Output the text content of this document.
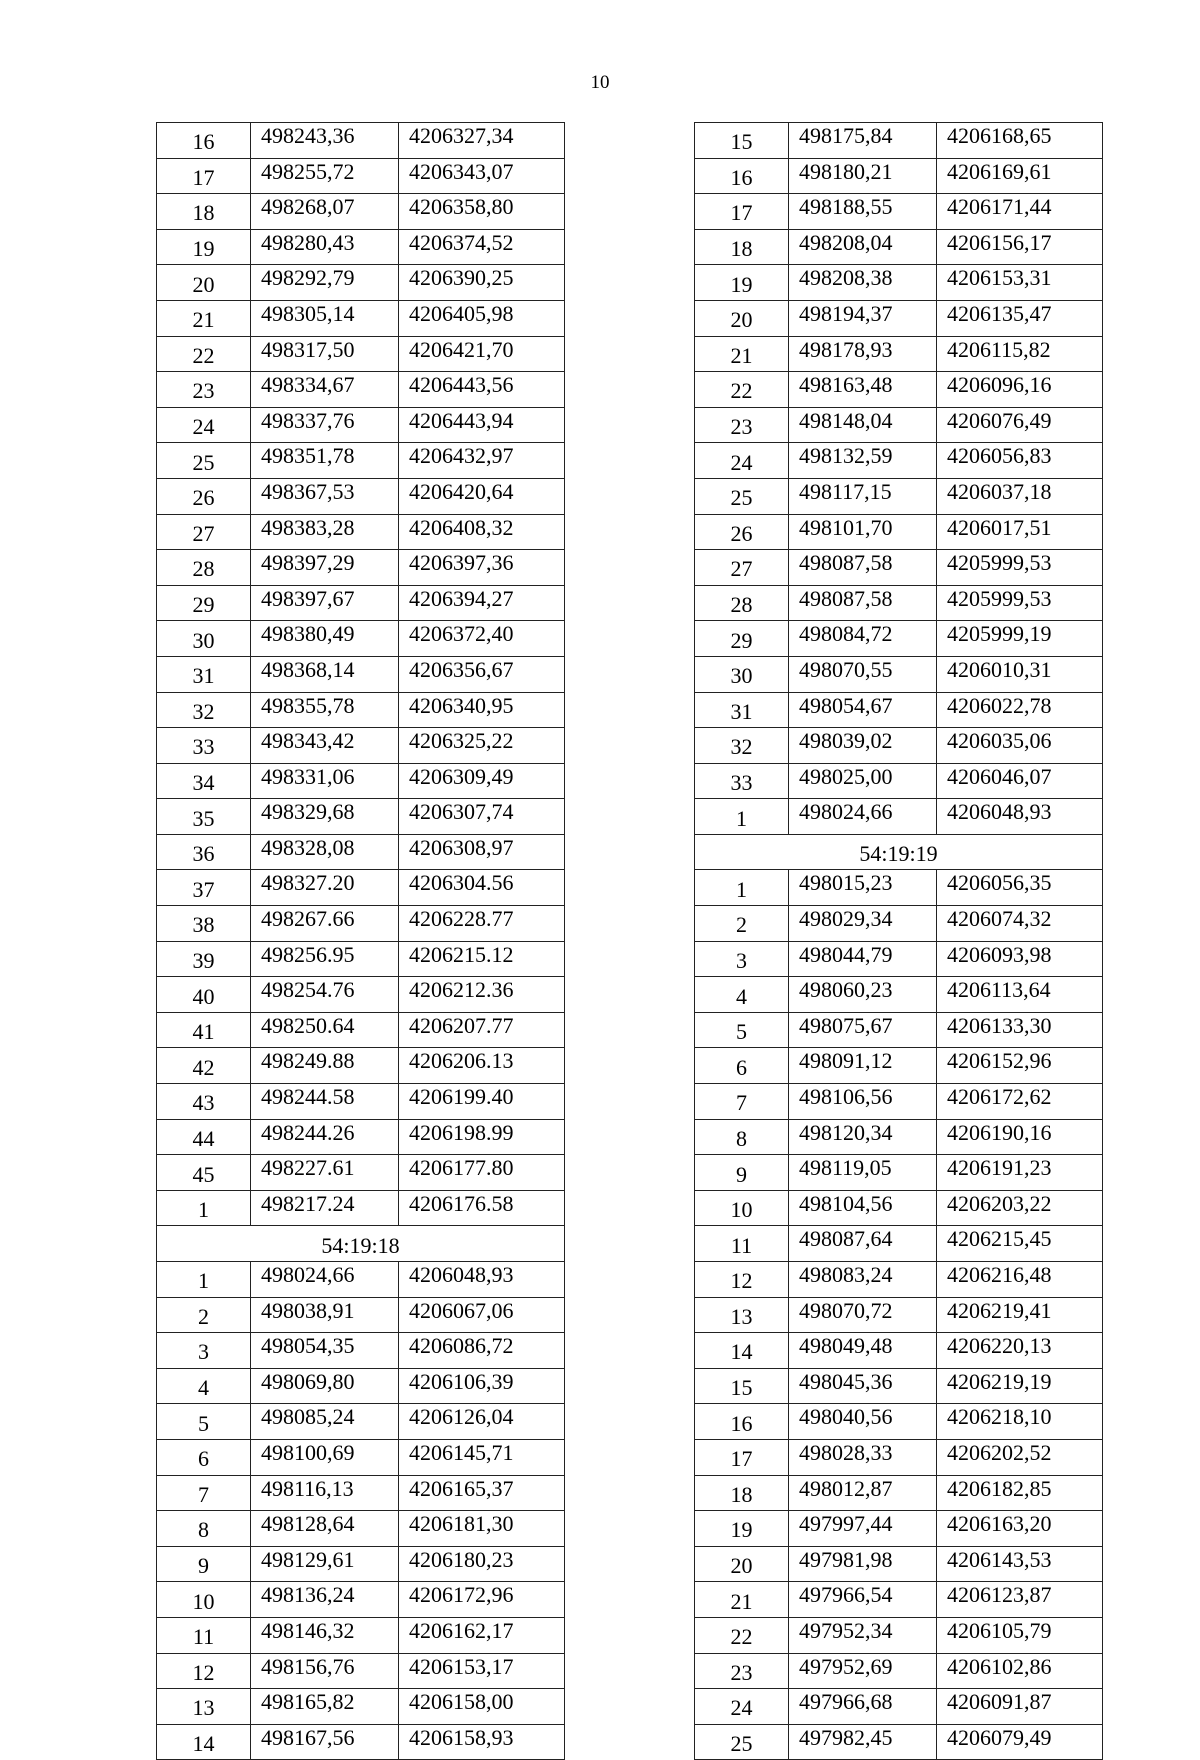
10
16	498243,36	4206327,34
17	498255,72	4206343,07
18	498268,07	4206358,80
19	498280,43	4206374,52
20	498292,79	4206390,25
21	498305,14	4206405,98
22	498317,50	4206421,70
23	498334,67	4206443,56
24	498337,76	4206443,94
25	498351,78	4206432,97
26	498367,53	4206420,64
27	498383,28	4206408,32
28	498397,29	4206397,36
29	498397,67	4206394,27
30	498380,49	4206372,40
31	498368,14	4206356,67
32	498355,78	4206340,95
33	498343,42	4206325,22
34	498331,06	4206309,49
35	498329,68	4206307,74
36	498328,08	4206308,97
37	498327.20	4206304.56
38	498267.66	4206228.77
39	498256.95	4206215.12
40	498254.76	4206212.36
41	498250.64	4206207.77
42	498249.88	4206206.13
43	498244.58	4206199.40
44	498244.26	4206198.99
45	498227.61	4206177.80
1	498217.24	4206176.58
54:19:18		
1	498024,66	4206048,93
2	498038,91	4206067,06
3	498054,35	4206086,72
4	498069,80	4206106,39
5	498085,24	4206126,04
6	498100,69	4206145,71
7	498116,13	4206165,37
8	498128,64	4206181,30
9	498129,61	4206180,23
10	498136,24	4206172,96
11	498146,32	4206162,17
12	498156,76	4206153,17
13	498165,82	4206158,00
14	498167,56	4206158,93
15	498175,84	4206168,65
16	498180,21	4206169,61
17	498188,55	4206171,44
18	498208,04	4206156,17
19	498208,38	4206153,31
20	498194,37	4206135,47
21	498178,93	4206115,82
22	498163,48	4206096,16
23	498148,04	4206076,49
24	498132,59	4206056,83
25	498117,15	4206037,18
26	498101,70	4206017,51
27	498087,58	4205999,53
28	498087,58	4205999,53
29	498084,72	4205999,19
30	498070,55	4206010,31
31	498054,67	4206022,78
32	498039,02	4206035,06
33	498025,00	4206046,07
1	498024,66	4206048,93
54:19:19		
1	498015,23	4206056,35
2	498029,34	4206074,32
3	498044,79	4206093,98
4	498060,23	4206113,64
5	498075,67	4206133,30
6	498091,12	4206152,96
7	498106,56	4206172,62
8	498120,34	4206190,16
9	498119,05	4206191,23
10	498104,56	4206203,22
11	498087,64	4206215,45
12	498083,24	4206216,48
13	498070,72	4206219,41
14	498049,48	4206220,13
15	498045,36	4206219,19
16	498040,56	4206218,10
17	498028,33	4206202,52
18	498012,87	4206182,85
19	497997,44	4206163,20
20	497981,98	4206143,53
21	497966,54	4206123,87
22	497952,34	4206105,79
23	497952,69	4206102,86
24	497966,68	4206091,87
25	497982,45	4206079,49
